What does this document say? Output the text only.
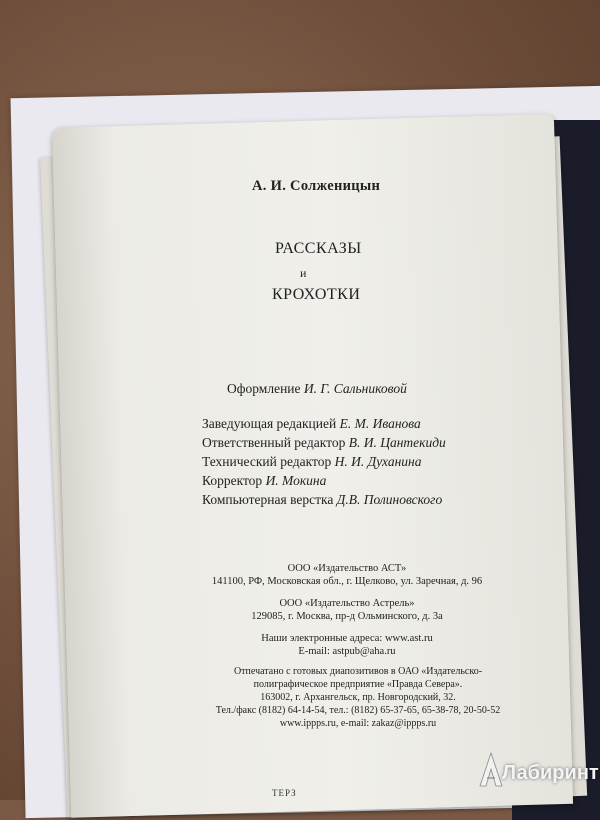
А. И. Солженицын
РАССКАЗЫ
и
КРОХОТКИ
Оформление И. Г. Сальниковой
Заведующая редакцией Е. М. Иванова
Ответственный редактор В. И. Цантекиди
Технический редактор Н. И. Духанина
Корректор И. Мокина
Компьютерная верстка Д.В. Полиновского
ООО «Издательство АСТ»
141100, РФ, Московская обл., г. Щелково, ул. Заречная, д. 96
ООО «Издательство Астрель»
129085, г. Москва, пр-д Ольминского, д. 3а
Наши электронные адреса: www.ast.ru
E-mail: astpub@aha.ru
Отпечатано с готовых диапозитивов в ОАО «Издательско-
полиграфическое предприятие «Правда Севера».
163002, г. Архангельск, пр. Новгородский, 32.
Тел./факс (8182) 64-14-54, тел.: (8182) 65-37-65, 65-38-78, 20-50-52
www.ippps.ru, e-mail: zakaz@ippps.ru
ТЕРЗ
Лабиринт
